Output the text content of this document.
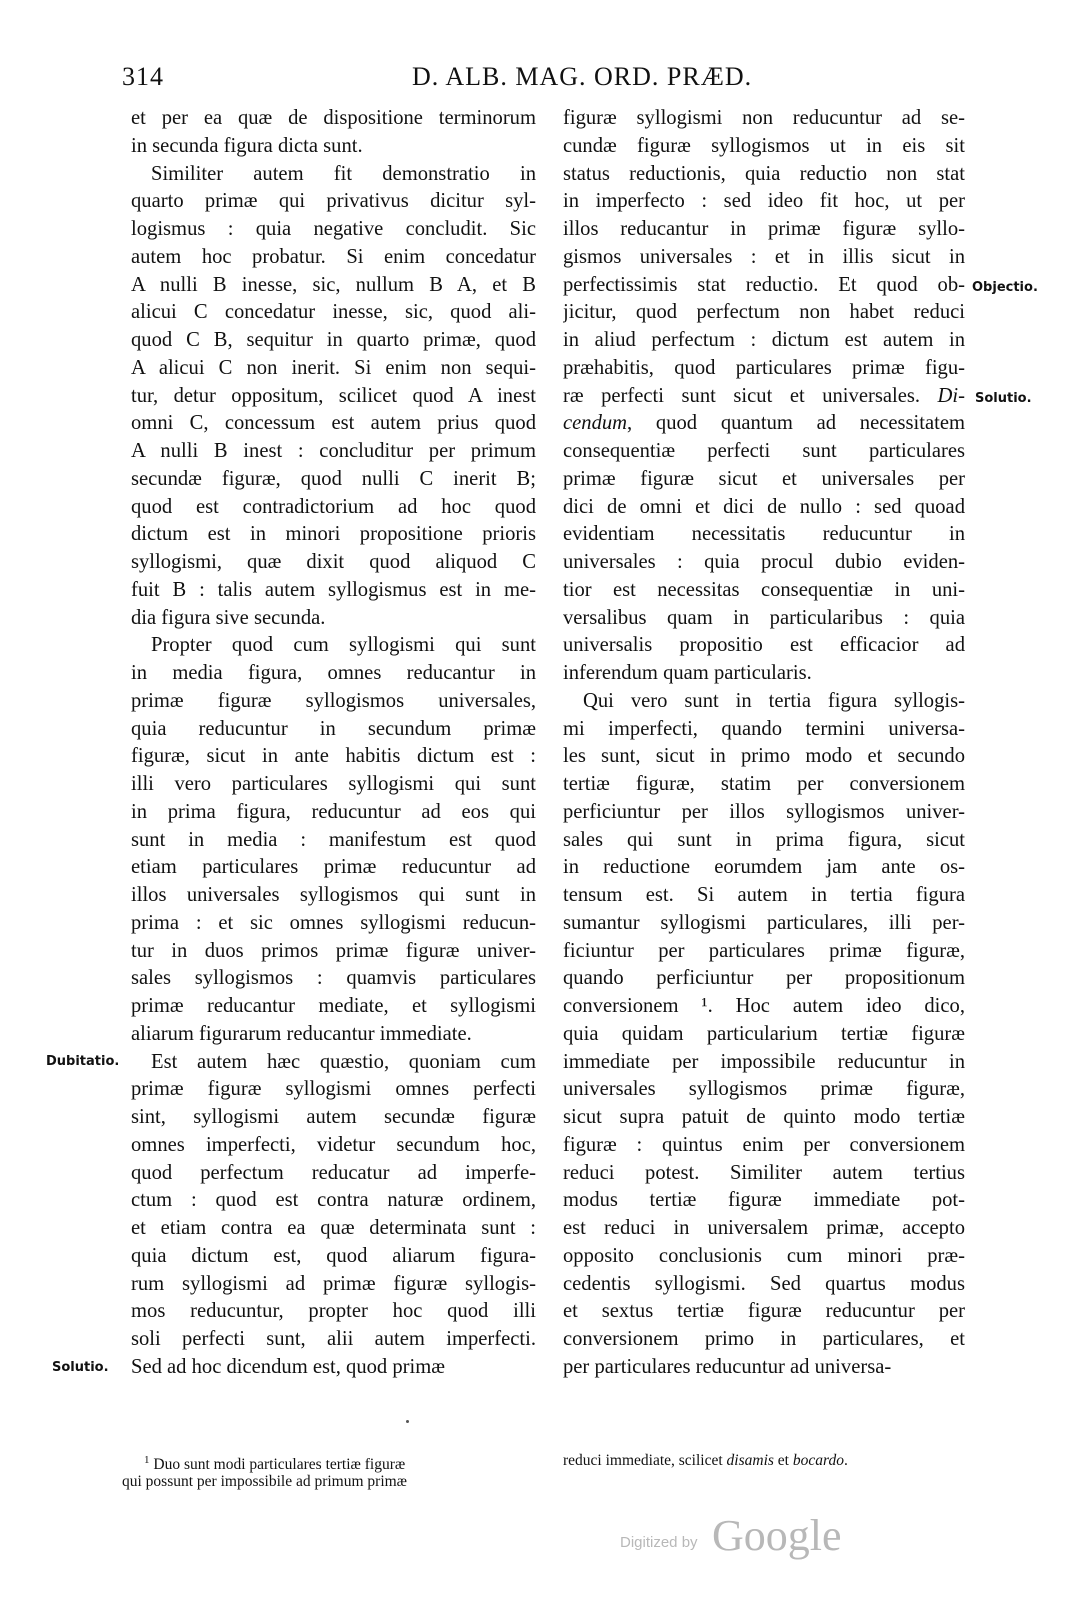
314	D. ALB. MAG. ORD. PRÆD.
et per ea quæ de dispositione terminorum
in secunda figura dicta sunt.
Similiter autem fit demonstratio in
quarto primæ qui privativus dicitur syl-
logismus : quia negative concludit. Sic
autem hoc probatur. Si enim concedatur
A nulli B inesse, sic, nullum B A, et B
alicui C concedatur inesse, sic, quod ali-
quod C B, sequitur in quarto primæ, quod
A alicui C non inerit. Si enim non sequi-
tur, detur oppositum, scilicet quod A inest
omni C, concessum est autem prius quod
A nulli B inest : concluditur per primum
secundæ figuræ, quod nulli C inerit B;
quod est contradictorium ad hoc quod
dictum est in minori propositione prioris
syllogismi, quæ dixit quod aliquod C
fuit B : talis autem syllogismus est in me-
dia figura sive secunda.
Propter quod cum syllogismi qui sunt
in media figura, omnes reducantur in
primæ figuræ syllogismos universales,
quia reducuntur in secundum primæ
figuræ, sicut in ante habitis dictum est :
illi vero particulares syllogismi qui sunt
in prima figura, reducuntur ad eos qui
sunt in media : manifestum est quod
etiam particulares primæ reducuntur ad
illos universales syllogismos qui sunt in
prima : et sic omnes syllogismi reducun-
tur in duos primos primæ figuræ univer-
sales syllogismos : quamvis particulares
primæ reducantur mediate, et syllogismi
aliarum figurarum reducantur immediate.
Est autem hæc quæstio, quoniam cum
primæ figuræ syllogismi omnes perfecti
sint, syllogismi autem secundæ figuræ
omnes imperfecti, videtur secundum hoc,
quod perfectum reducatur ad imperfe-
ctum : quod est contra naturæ ordinem,
et etiam contra ea quæ determinata sunt :
quia dictum est, quod aliarum figura-
rum syllogismi ad primæ figuræ syllogis-
mos reducuntur, propter hoc quod illi
soli perfecti sunt, alii autem imperfecti.
Sed ad hoc dicendum est, quod primæ
figuræ syllogismi non reducuntur ad se-
cundæ figuræ syllogismos ut in eis sit
status reductionis, quia reductio non stat
in imperfecto : sed ideo fit hoc, ut per
illos reducantur in primæ figuræ syllo-
gismos universales : et in illis sicut in
perfectissimis stat reductio. Et quod ob-
jicitur, quod perfectum non habet reduci
in aliud perfectum : dictum est autem in
præhabitis, quod particulares primæ figu-
ræ perfecti sunt sicut et universales. Di-
cendum, quod quantum ad necessitatem
consequentiæ perfecti sunt particulares
primæ figuræ sicut et universales per
dici de omni et dici de nullo : sed quoad
evidentiam necessitatis reducuntur in
universales : quia procul dubio eviden-
tior est necessitas consequentiæ in uni-
versalibus quam in particularibus : quia
universalis propositio est efficacior ad
inferendum quam particularis.
Qui vero sunt in tertia figura syllogis-
mi imperfecti, quando termini universa-
les sunt, sicut in primo modo et secundo
tertiæ figuræ, statim per conversionem
perficiuntur per illos syllogismos univer-
sales qui sunt in prima figura, sicut
in reductione eorumdem jam ante os-
tensum est. Si autem in tertia figura
sumantur syllogismi particulares, illi per-
ficiuntur per particulares primæ figuræ,
quando perficiuntur per propositionum
conversionem ¹. Hoc autem ideo dico,
quia quidam particularium tertiæ figuræ
immediate per impossibile reducuntur in
universales syllogismos primæ figuræ,
sicut supra patuit de quinto modo tertiæ
figuræ : quintus enim per conversionem
reduci potest. Similiter autem tertius
modus tertiæ figuræ immediate pot-
est reduci in universalem primæ, accepto
opposito conclusionis cum minori præ-
cedentis syllogismi. Sed quartus modus
et sextus tertiæ figuræ reducuntur per
conversionem primo in particulares, et
per particulares reducuntur ad universa-
Dubitatio.
Solutio.
Objectio.
Solutio.
$^1$ Duo sunt modi particulares tertiæ figuræ
qui possunt per impossibile ad primum primæ
reduci immediate, scilicet disamis et bocardo.
Digitized by Google
